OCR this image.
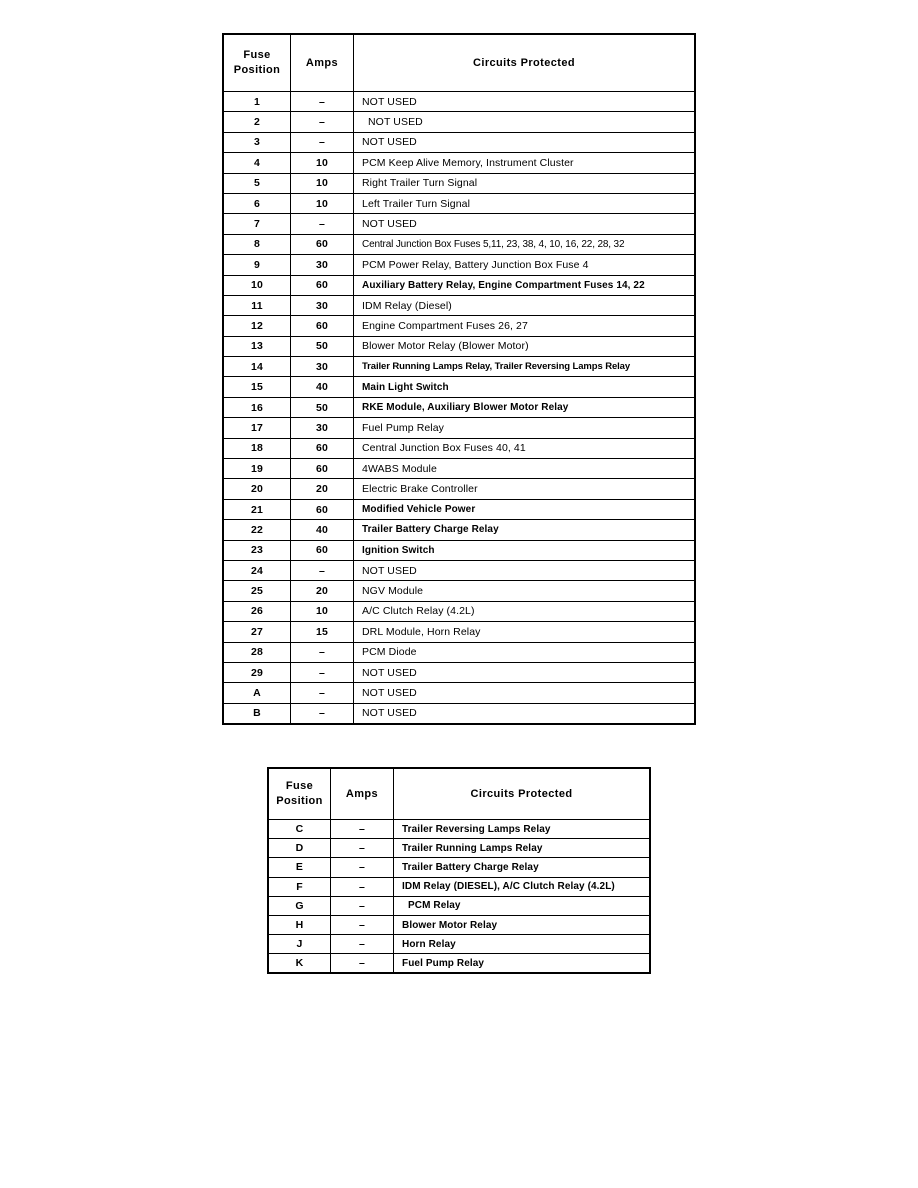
Fuse
Position	Amps	Circuits Protected
1	–	NOT USED
2	–	NOT USED
3	–	NOT USED
4	10	PCM Keep Alive Memory, Instrument Cluster
5	10	Right Trailer Turn Signal
6	10	Left Trailer Turn Signal
7	–	NOT USED
8	60	Central Junction Box Fuses 5,11, 23, 38, 4, 10, 16, 22, 28, 32
9	30	PCM Power Relay, Battery Junction Box Fuse 4
10	60	Auxiliary Battery Relay, Engine Compartment Fuses 14, 22
11	30	IDM Relay (Diesel)
12	60	Engine Compartment Fuses 26, 27
13	50	Blower Motor Relay (Blower Motor)
14	30	Trailer Running Lamps Relay, Trailer Reversing Lamps Relay
15	40	Main Light Switch
16	50	RKE Module, Auxiliary Blower Motor Relay
17	30	Fuel Pump Relay
18	60	Central Junction Box Fuses 40, 41
19	60	4WABS Module
20	20	Electric Brake Controller
21	60	Modified Vehicle Power
22	40	Trailer Battery Charge Relay
23	60	Ignition Switch
24	–	NOT USED
25	20	NGV Module
26	10	A/C Clutch Relay (4.2L)
27	15	DRL Module, Horn Relay
28	–	PCM Diode
29	–	NOT USED
A	–	NOT USED
B	–	NOT USED
Fuse
Position	Amps	Circuits Protected
C	–	Trailer Reversing Lamps Relay
D	–	Trailer Running Lamps Relay
E	–	Trailer Battery Charge Relay
F	–	IDM Relay (DIESEL), A/C Clutch Relay (4.2L)
G	–	PCM Relay
H	–	Blower Motor Relay
J	–	Horn Relay
K	–	Fuel Pump Relay
